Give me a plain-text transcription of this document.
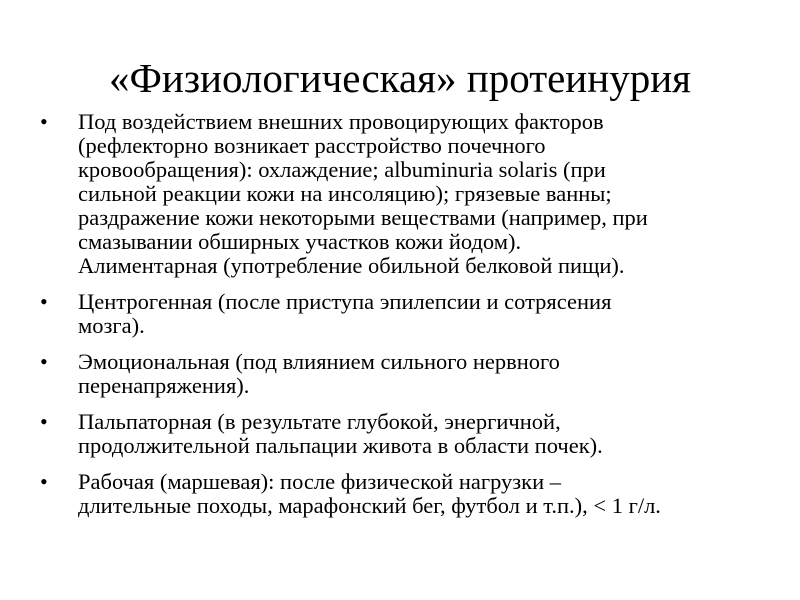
«Физиологическая» протеинурия
• Под воздействием внешних провоцирующих факторов
(рефлекторно возникает расстройство почечного
кровообращения): охлаждение; albuminuria solaris (при
сильной реакции кожи на инсоляцию); грязевые ванны;
раздражение кожи некоторыми веществами (например, при
смазывании обширных участков кожи йодом).
Алиментарная (употребление обильной белковой пищи).
• Центрогенная (после приступа эпилепсии и сотрясения
мозга).
• Эмоциональная (под влиянием сильного нервного
перенапряжения).
• Пальпаторная (в результате глубокой, энергичной,
продолжительной пальпации живота в области почек).
• Рабочая (маршевая): после физической нагрузки –
длительные походы, марафонский бег, футбол и т.п.), < 1 г/л.
